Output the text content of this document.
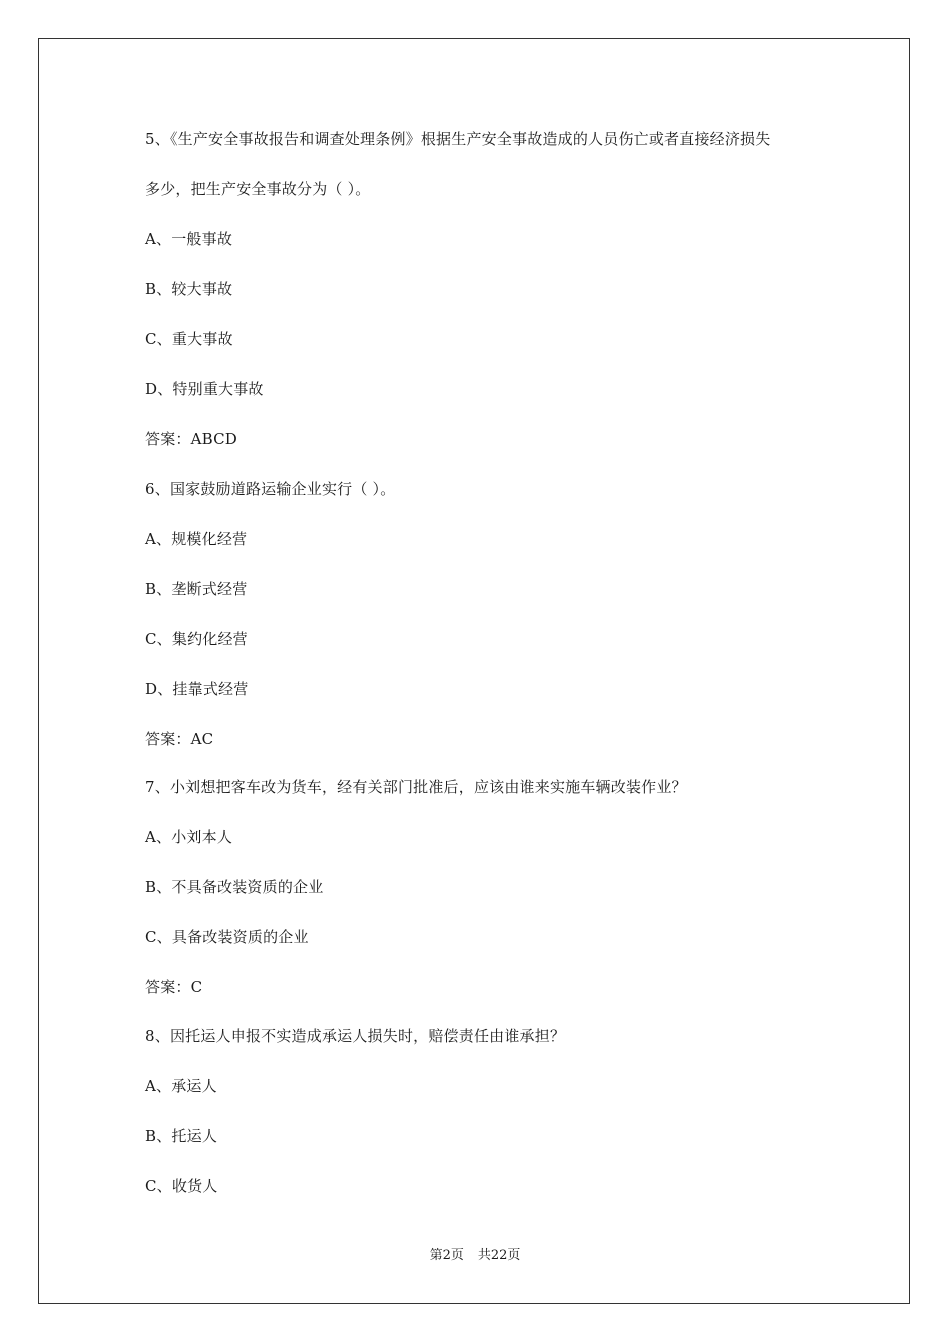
5、《生产安全事故报告和调查处理条例》根据生产安全事故造成的人员伤亡或者直接经济损失
多少，把生产安全事故分为（ ）。
A、一般事故
B、较大事故
C、重大事故
D、特别重大事故
答案：ABCD
6、国家鼓励道路运输企业实行（ ）。
A、规模化经营
B、垄断式经营
C、集约化经营
D、挂靠式经营
答案：AC
7、小刘想把客车改为货车，经有关部门批准后，应该由谁来实施车辆改装作业？
A、小刘本人
B、不具备改装资质的企业
C、具备改装资质的企业
答案：C
8、因托运人申报不实造成承运人损失时，赔偿责任由谁承担？
A、承运人
B、托运人
C、收货人
第2页 共22页
